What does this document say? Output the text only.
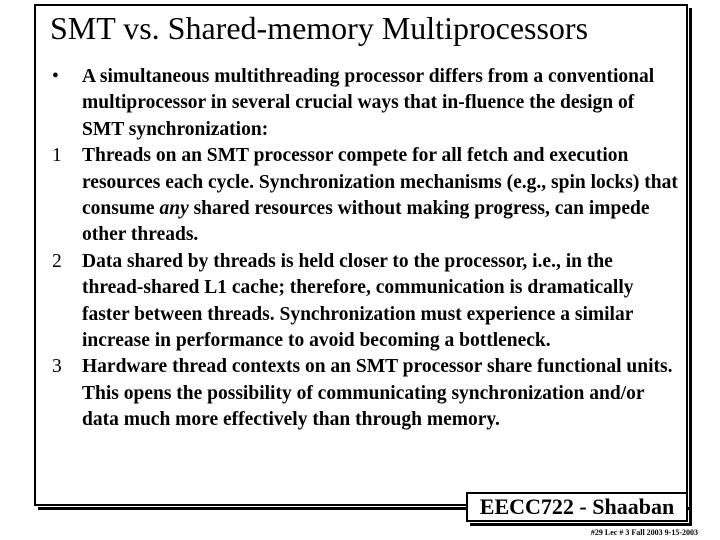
SMT vs. Shared-memory Multiprocessors
•	A simultaneous multithreading processor differs from a conventional multiprocessor in several crucial ways that in-fluence the design of SMT synchronization:
1	Threads on an SMT processor compete for all fetch and execution resources each cycle. Synchronization mechanisms (e.g., spin locks) that consume any shared resources without making progress, can impede other threads.
2	Data shared by threads is held closer to the processor, i.e., in the thread-shared L1 cache; therefore, communication is dramatically faster between threads. Synchronization must experience a similar increase in performance to avoid becoming a bottleneck.
3	Hardware thread contexts on an SMT processor share functional units. This opens the possibility of communicating synchronization and/or data much more effectively than through memory.
EECC722 - Shaaban
#29 Lec # 3 Fall 2003 9-15-2003
